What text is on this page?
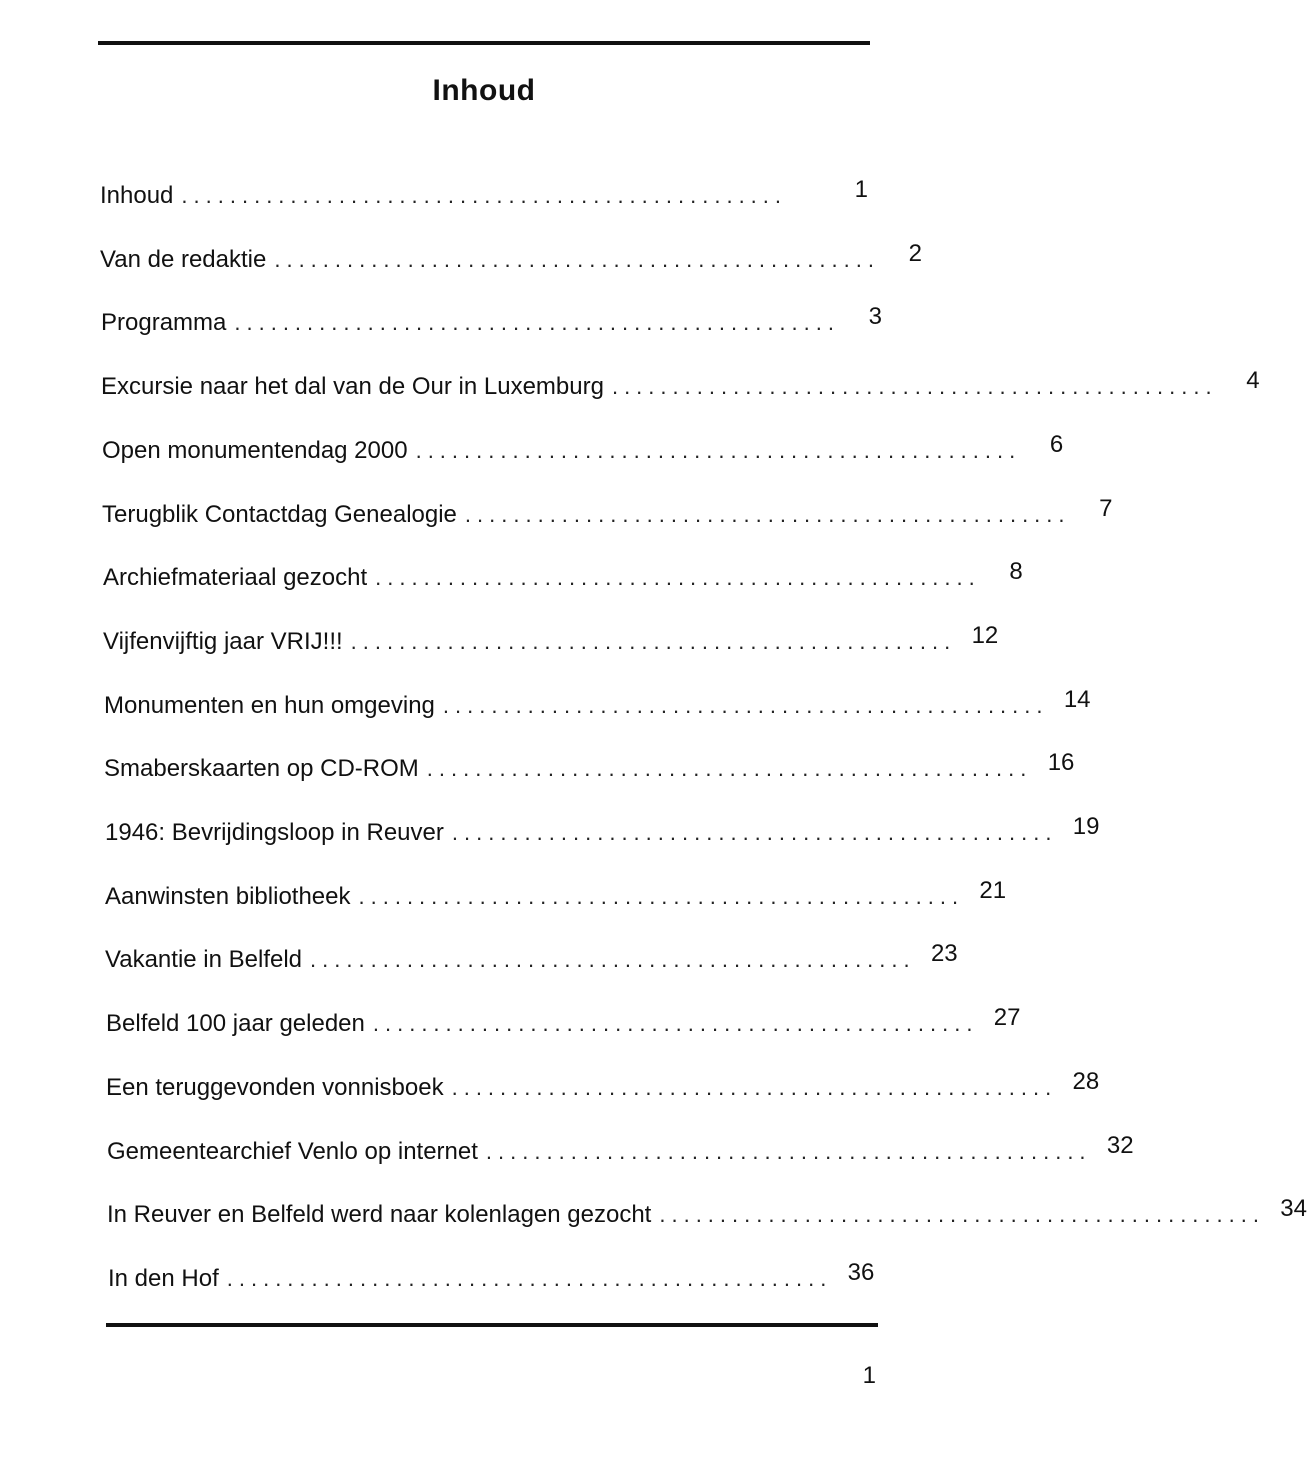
Inhoud
Inhoud ..................................................	1
Van de redaktie ..................................................	2
Programma ..................................................	3
Excursie naar het dal van de Our in Luxemburg ..................................................	4
Open monumentendag 2000 ..................................................	6
Terugblik Contactdag Genealogie ..................................................	7
Archiefmateriaal gezocht ..................................................	8
Vijfenvijftig jaar VRIJ!!! .................................................. 12
Monumenten en hun omgeving .................................................. 14
Smaberskaarten op CD-ROM .................................................. 16
1946: Bevrijdingsloop in Reuver .................................................. 19
Aanwinsten bibliotheek .................................................. 21
Vakantie in Belfeld .................................................. 23
Belfeld 100 jaar geleden .................................................. 27
Een teruggevonden vonnisboek .................................................. 28
Gemeentearchief Venlo op internet .................................................. 32
In Reuver en Belfeld werd naar kolenlagen gezocht .................................................. 34
In den Hof .................................................. 36
1
